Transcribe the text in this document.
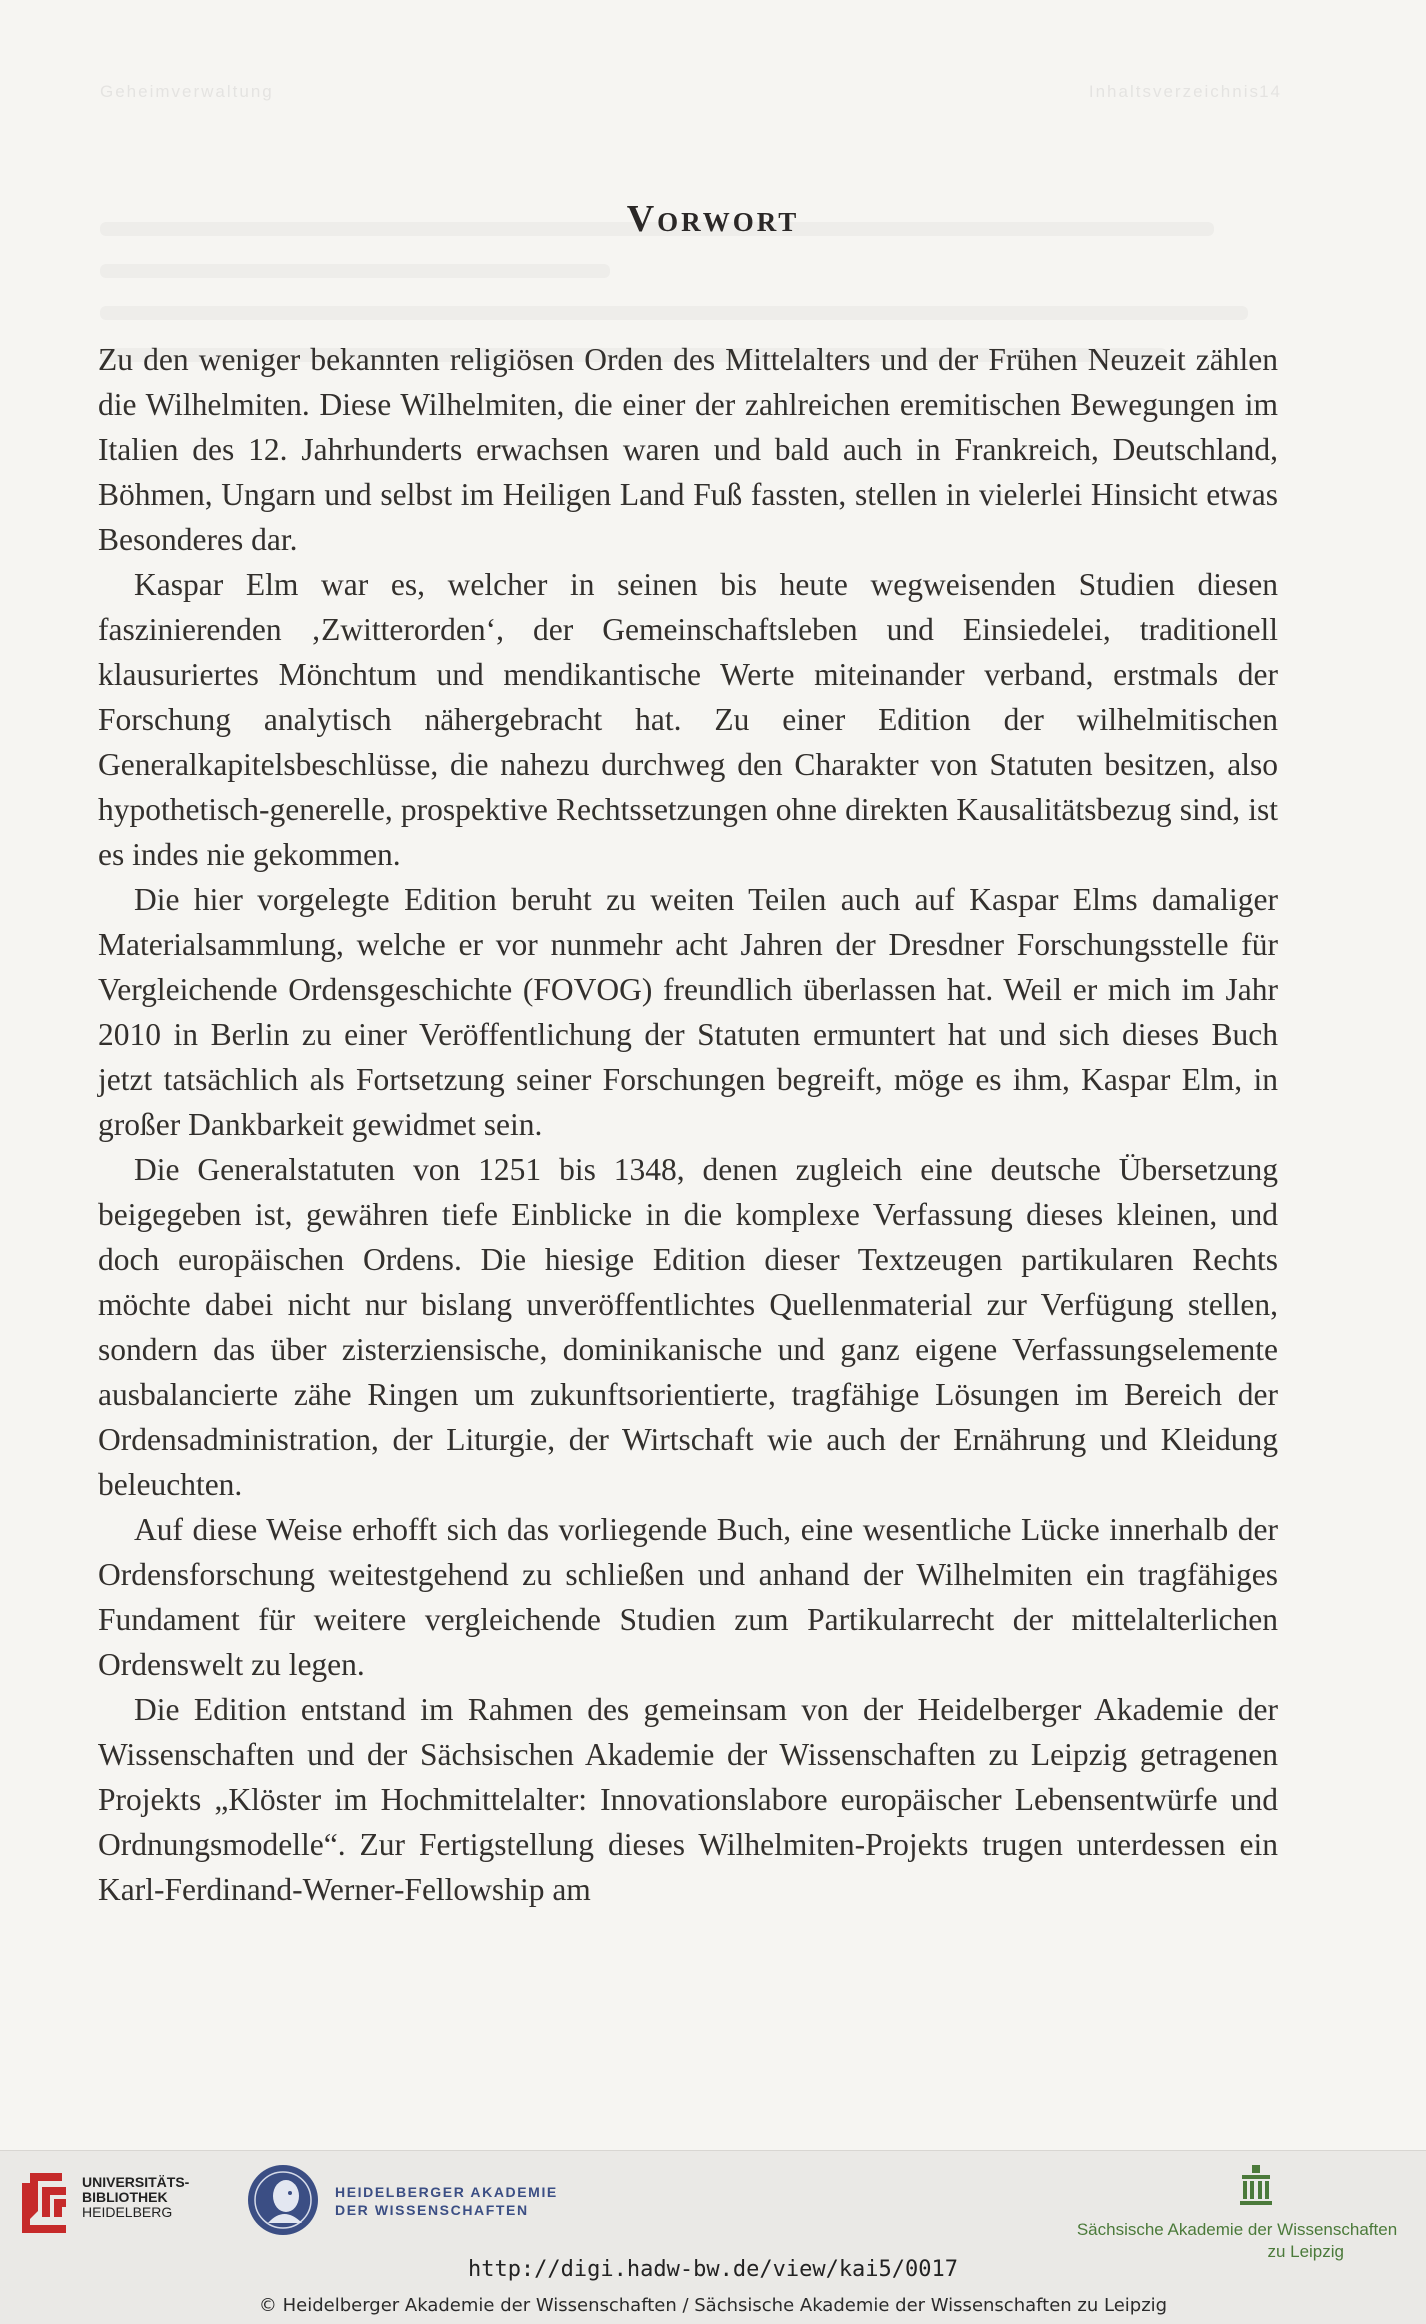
Geheimverwaltung	Inhaltsverzeichnis 14
Vorwort

Zu den weniger bekannten religiösen Orden des Mittelalters und der Frühen Neuzeit zählen die Wilhelmiten. Diese Wilhelmiten, die einer der zahlreichen eremitischen Bewegungen im Italien des 12. Jahrhunderts erwachsen waren und bald auch in Frankreich, Deutschland, Böhmen, Ungarn und selbst im Heiligen Land Fuß fassten, stellen in vielerlei Hinsicht etwas Besonderes dar.

Kaspar Elm war es, welcher in seinen bis heute wegweisenden Studien diesen faszinierenden ‚Zwitterorden‘, der Gemeinschaftsleben und Einsiedelei, traditionell klausuriertes Mönchtum und mendikantische Werte miteinander verband, erstmals der Forschung analytisch nähergebracht hat. Zu einer Edition der wilhelmitischen Generalkapitelsbeschlüsse, die nahezu durchweg den Charakter von Statuten besitzen, also hypothetisch-generelle, prospektive Rechtssetzungen ohne direkten Kausalitätsbezug sind, ist es indes nie gekommen.

Die hier vorgelegte Edition beruht zu weiten Teilen auch auf Kaspar Elms damaliger Materialsammlung, welche er vor nunmehr acht Jahren der Dresdner Forschungsstelle für Vergleichende Ordensgeschichte (FOVOG) freundlich überlassen hat. Weil er mich im Jahr 2010 in Berlin zu einer Veröffentlichung der Statuten ermuntert hat und sich dieses Buch jetzt tatsächlich als Fortsetzung seiner Forschungen begreift, möge es ihm, Kaspar Elm, in großer Dankbarkeit gewidmet sein.

Die Generalstatuten von 1251 bis 1348, denen zugleich eine deutsche Übersetzung beigegeben ist, gewähren tiefe Einblicke in die komplexe Verfassung dieses kleinen, und doch europäischen Ordens. Die hiesige Edition dieser Textzeugen partikularen Rechts möchte dabei nicht nur bislang unveröffentlichtes Quellenmaterial zur Verfügung stellen, sondern das über zisterziensische, dominikanische und ganz eigene Verfassungselemente ausbalancierte zähe Ringen um zukunftsorientierte, tragfähige Lösungen im Bereich der Ordensadministration, der Liturgie, der Wirtschaft wie auch der Ernährung und Kleidung beleuchten.

Auf diese Weise erhofft sich das vorliegende Buch, eine wesentliche Lücke innerhalb der Ordensforschung weitestgehend zu schließen und anhand der Wilhelmiten ein tragfähiges Fundament für weitere vergleichende Studien zum Partikularrecht der mittelalterlichen Ordenswelt zu legen.

Die Edition entstand im Rahmen des gemeinsam von der Heidelberger Akademie der Wissenschaften und der Sächsischen Akademie der Wissenschaften zu Leipzig getragenen Projekts „Klöster im Hochmittelalter: Innovationslabore europäischer Lebensentwürfe und Ordnungsmodelle“. Zur Fertigstellung dieses Wilhelmiten-Projekts trugen unterdessen ein Karl-Ferdinand-Werner-Fellowship am

UNIVERSITÄTS-
BIBLIOTHEK
HEIDELBERG
HEIDELBERGER AKADEMIE
DER WISSENSCHAFTEN
Sächsische Akademie der Wissenschaften
zu Leipzig
http://digi.hadw-bw.de/view/kai5/0017
© Heidelberger Akademie der Wissenschaften / Sächsische Akademie der Wissenschaften zu Leipzig
